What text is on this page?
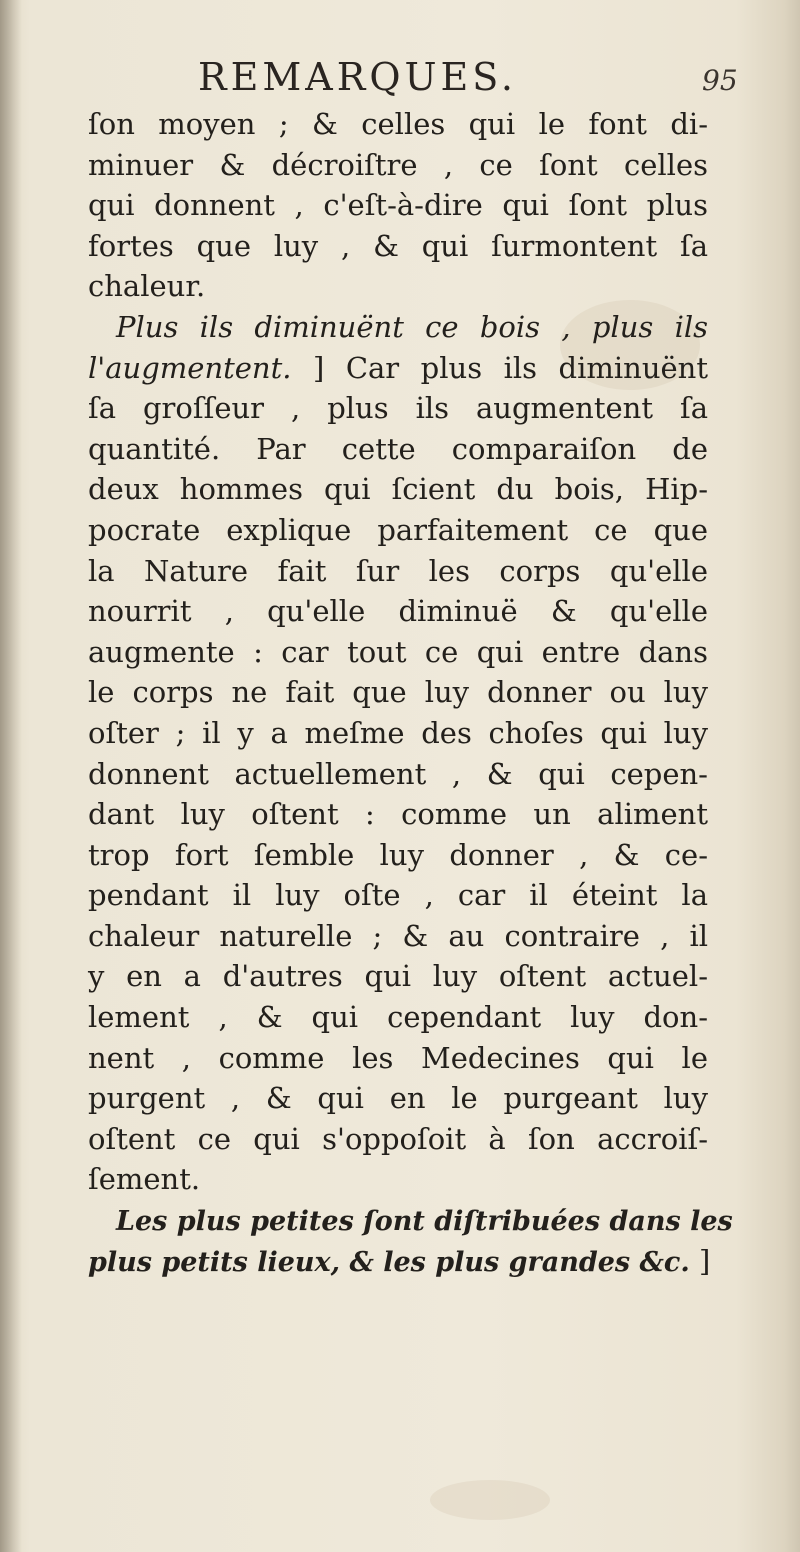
REMARQUES.	95
ſon moyen ; & celles qui le font di-
minuer & décroiſtre , ce ſont celles
qui donnent , c'eſt-à-dire qui ſont plus
fortes que luy , & qui ſurmontent ſa
chaleur.
Plus ils diminuënt ce bois , plus ils
l'augmentent. ] Car plus ils diminuënt
ſa groſſeur , plus ils augmentent ſa
quantité. Par cette comparaiſon de
deux hommes qui ſcient du bois, Hip-
pocrate explique parfaitement ce que
la Nature fait ſur les corps qu'elle
nourrit , qu'elle diminuë & qu'elle
augmente : car tout ce qui entre dans
le corps ne fait que luy donner ou luy
oſter ; il y a meſme des choſes qui luy
donnent actuellement , & qui cepen-
dant luy oſtent : comme un aliment
trop fort ſemble luy donner , & ce-
pendant il luy oſte , car il éteint la
chaleur naturelle ; & au contraire , il
y en a d'autres qui luy oſtent actuel-
lement , & qui cependant luy don-
nent , comme les Medecines qui le
purgent , & qui en le purgeant luy
oſtent ce qui s'oppoſoit à ſon accroiſ-
ſement.
Les plus petites ſont diſtribuées dans les
plus petits lieux, & les plus grandes &c. ]
